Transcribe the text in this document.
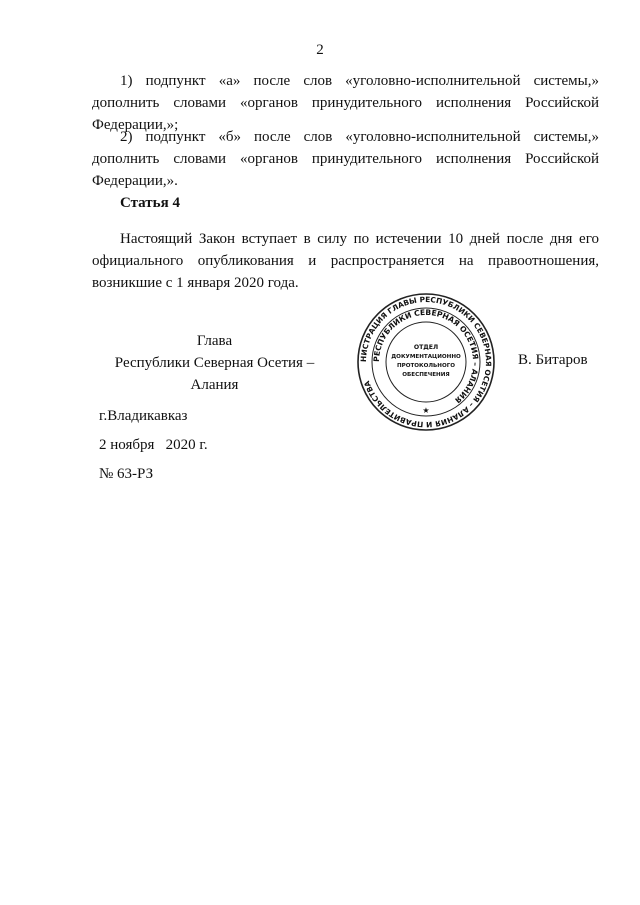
2

1) подпункт «а» после слов «уголовно-исполнительной системы,» дополнить словами «органов принудительного исполнения Российской Федерации,»;

2) подпункт «б» после слов «уголовно-исполнительной системы,» дополнить словами «органов принудительного исполнения Российской Федерации,».

Статья 4

Настоящий Закон вступает в силу по истечении 10 дней после дня его официального опубликования и распространяется на правоотношения, возникшие с 1 января 2020 года.

Глава
Республики Северная Осетия – Алания
НИСТРАЦИЯ ГЛАВЫ РЕСПУБЛИКИ СЕВЕРНАЯ ОСЕТИЯ – АЛАНИЯ И ПРАВИТЕЛЬСТВА
РЕСПУБЛИКИ СЕВЕРНАЯ ОСЕТИЯ – АЛАНИЯ
ОТДЕЛ
ДОКУМЕНТАЦИОННО
ПРОТОКОЛЬНОГО
ОБЕСПЕЧЕНИЯ
★
В. Битаров
г.Владикавказ
2 ноября   2020 г.
№ 63-РЗ
